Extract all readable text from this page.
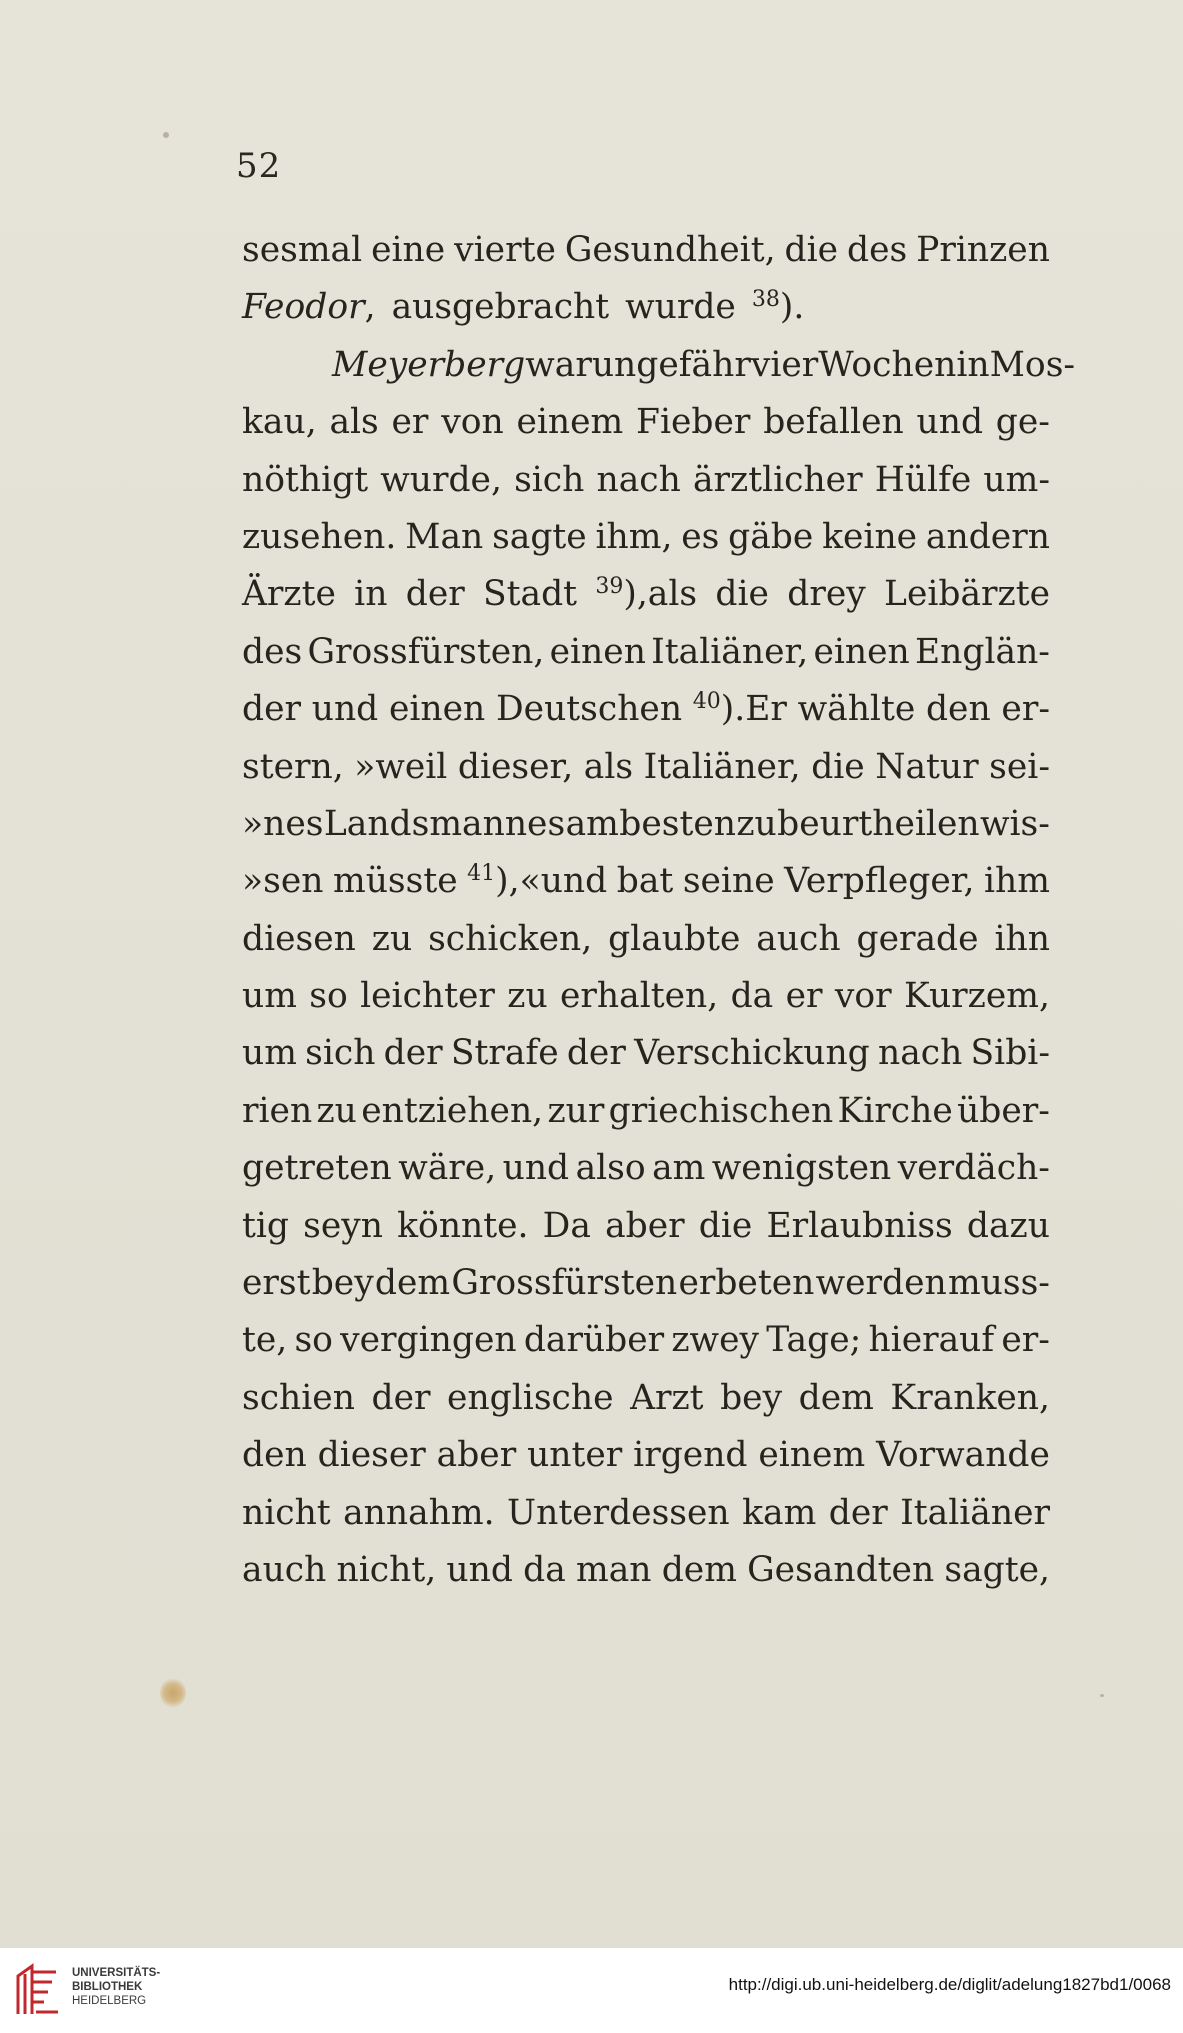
52
sesmal eine vierte Gesundheit, die des Prinzen
Feodor, ausgebracht wurde $^{38}$).
Meyerberg war ungefähr vier Wochen in Mos-
kau, als er von einem Fieber befallen und ge-
nöthigt wurde, sich nach ärztlicher Hülfe um-
zusehen. Man sagte ihm, es gäbe keine andern
Ärzte in der Stadt $^{39}$),als die drey Leibärzte
des Grossfürsten, einen Italiäner, einen Englän-
der und einen Deutschen $^{40}$).Er wählte den er-
stern, »weil dieser, als Italiäner, die Natur sei-
»nes Landsmannes am besten zu beurtheilen wis-
»sen müsste $^{41}$),«und bat seine Verpfleger, ihm
diesen zu schicken, glaubte auch gerade ihn
um so leichter zu erhalten, da er vor Kurzem,
um sich der Strafe der Verschickung nach Sibi-
rien zu entziehen, zur griechischen Kirche über-
getreten wäre, und also am wenigsten verdäch-
tig seyn könnte. Da aber die Erlaubniss dazu
erst bey dem Grossfürsten erbeten werden muss-
te, so vergingen darüber zwey Tage; hierauf er-
schien der englische Arzt bey dem Kranken,
den dieser aber unter irgend einem Vorwande
nicht annahm. Unterdessen kam der Italiäner
auch nicht, und da man dem Gesandten sagte,
UNIVERSITÄTS-
BIBLIOTHEK
HEIDELBERG
http://digi.ub.uni-heidelberg.de/diglit/adelung1827bd1/0068
